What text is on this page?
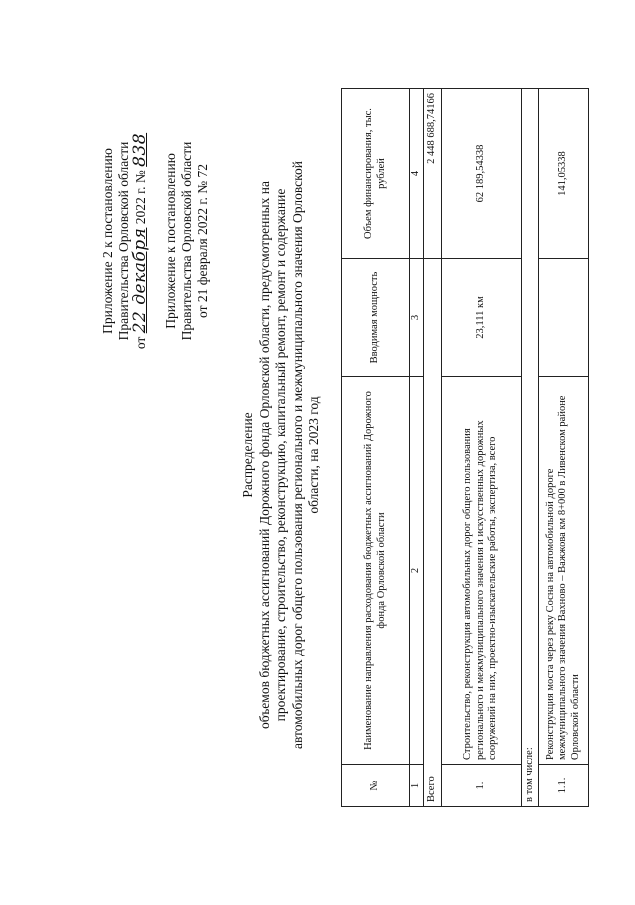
Приложение 2 к постановлению Правительства Орловской области
от 22 декабря 2022 г. № 838
Приложение к постановлению Правительства Орловской области от 21 февраля 2022 г. № 72
Распределение объемов бюджетных ассигнований Дорожного фонда Орловской области, предусмотренных на проектирование, строительство, реконструкцию, капитальный ремонт, ремонт и содержание автомобильных дорог общего пользования регионального и межмуниципального значения Орловской области, на 2023 год
№	Наименование направления расходования бюджетных ассигнований Дорожного фонда Орловской области	Вводимая мощность	Объем финансирования, тыс. рублей
1	2	3	4
Всего			2 448 688,74166
1.	Строительство, реконструкция автомобильных дорог общего пользования регионального и межмуниципального значения и искусственных дорожных сооружений на них, проектно-изыскательские работы, экспертиза, всего	23,111 км	62 189,54338
в том числе:			
1.1.	Реконструкция моста через реку Сосна на автомобильной дороге межмуниципального значения Вахново – Важжова км 8+000 в Ливенском районе Орловской области		141,05338
